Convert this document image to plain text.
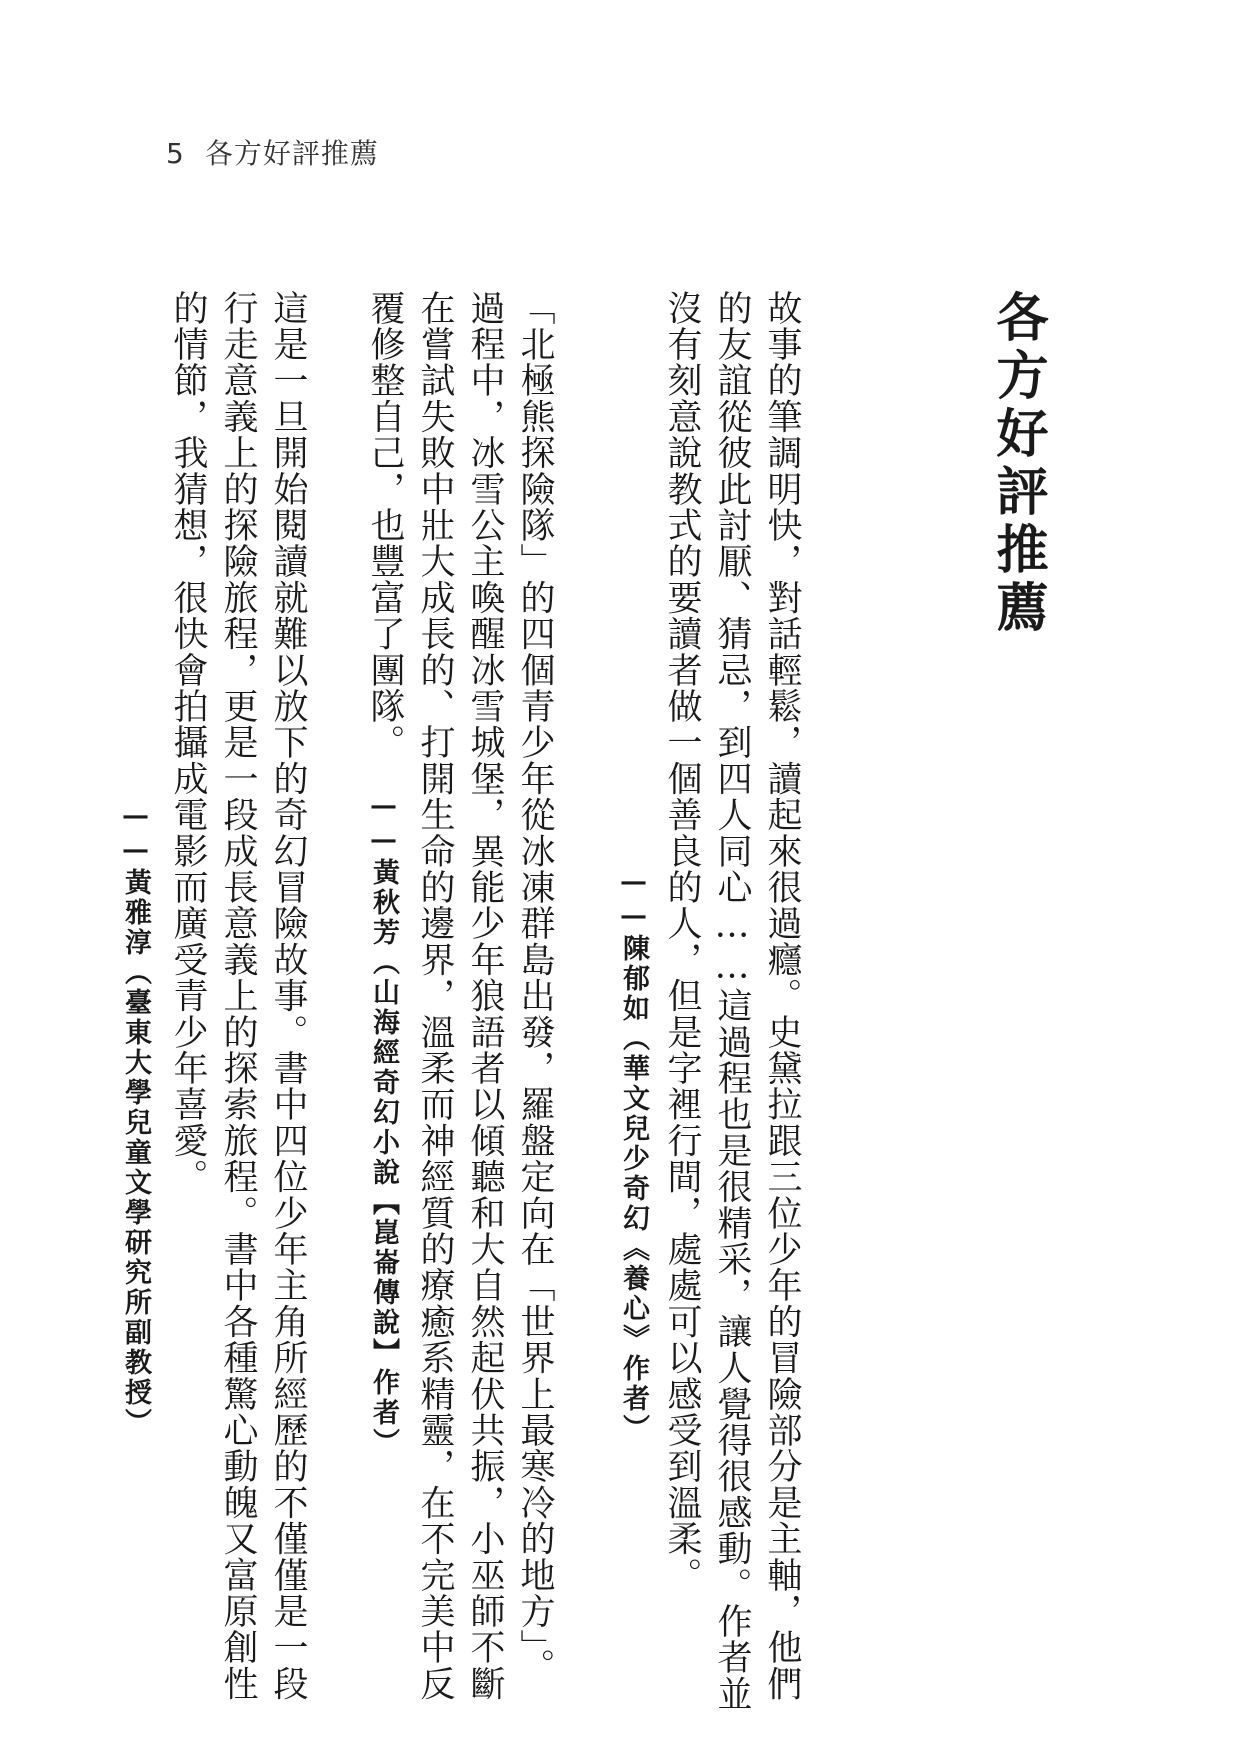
5 各方好評推薦
各方好評推薦
故事的筆調明快，對話輕鬆，讀起來很過癮。史黛拉跟三位少年的冒險部分是主軸，他們
的友誼從彼此討厭、猜忌，到四人同心……這過程也是很精采，讓人覺得很感動。作者並
沒有刻意說教式的要讀者做一個善良的人，但是字裡行間，處處可以感受到溫柔。
——陳郁如（華文兒少奇幻《養心》作者）
「北極熊探險隊」的四個青少年從冰凍群島出發，羅盤定向在「世界上最寒冷的地方」。
過程中，冰雪公主喚醒冰雪城堡，異能少年狼語者以傾聽和大自然起伏共振，小巫師不斷
在嘗試失敗中壯大成長的、打開生命的邊界，溫柔而神經質的療癒系精靈，在不完美中反
覆修整自己，也豐富了團隊。
——黃秋芳（山海經奇幻小說【崑崙傳說】作者）
這是一旦開始閱讀就難以放下的奇幻冒險故事。書中四位少年主角所經歷的不僅僅是一段
行走意義上的探險旅程，更是一段成長意義上的探索旅程。書中各種驚心動魄又富原創性
的情節，我猜想，很快會拍攝成電影而廣受青少年喜愛。
——黃雅淳（臺東大學兒童文學研究所副教授）
